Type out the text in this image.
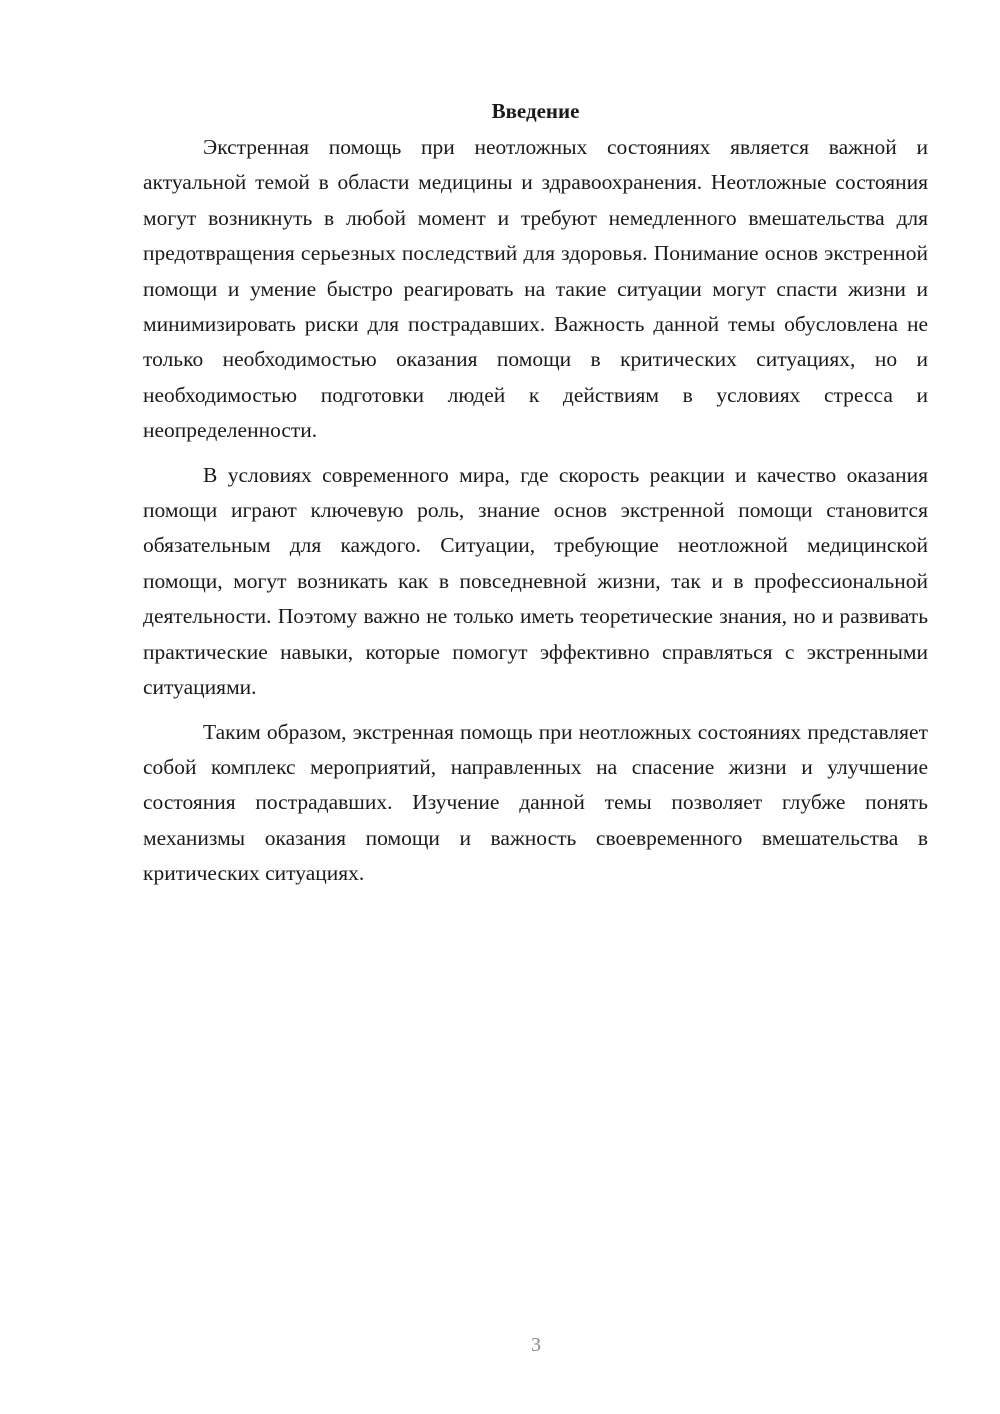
Введение

Экстренная помощь при неотложных состояниях является важной и актуальной темой в области медицины и здравоохранения. Неотложные состояния могут возникнуть в любой момент и требуют немедленного вмешательства для предотвращения серьезных последствий для здоровья. Понимание основ экстренной помощи и умение быстро реагировать на такие ситуации могут спасти жизни и минимизировать риски для пострадавших. Важность данной темы обусловлена не только необходимостью оказания помощи в критических ситуациях, но и необходимостью подготовки людей к действиям в условиях стресса и неопределенности.

В условиях современного мира, где скорость реакции и качество оказания помощи играют ключевую роль, знание основ экстренной помощи становится обязательным для каждого. Ситуации, требующие неотложной медицинской помощи, могут возникать как в повседневной жизни, так и в профессиональной деятельности. Поэтому важно не только иметь теоретические знания, но и развивать практические навыки, которые помогут эффективно справляться с экстренными ситуациями.

Таким образом, экстренная помощь при неотложных состояниях представляет собой комплекс мероприятий, направленных на спасение жизни и улучшение состояния пострадавших. Изучение данной темы позволяет глубже понять механизмы оказания помощи и важность своевременного вмешательства в критических ситуациях.

3
